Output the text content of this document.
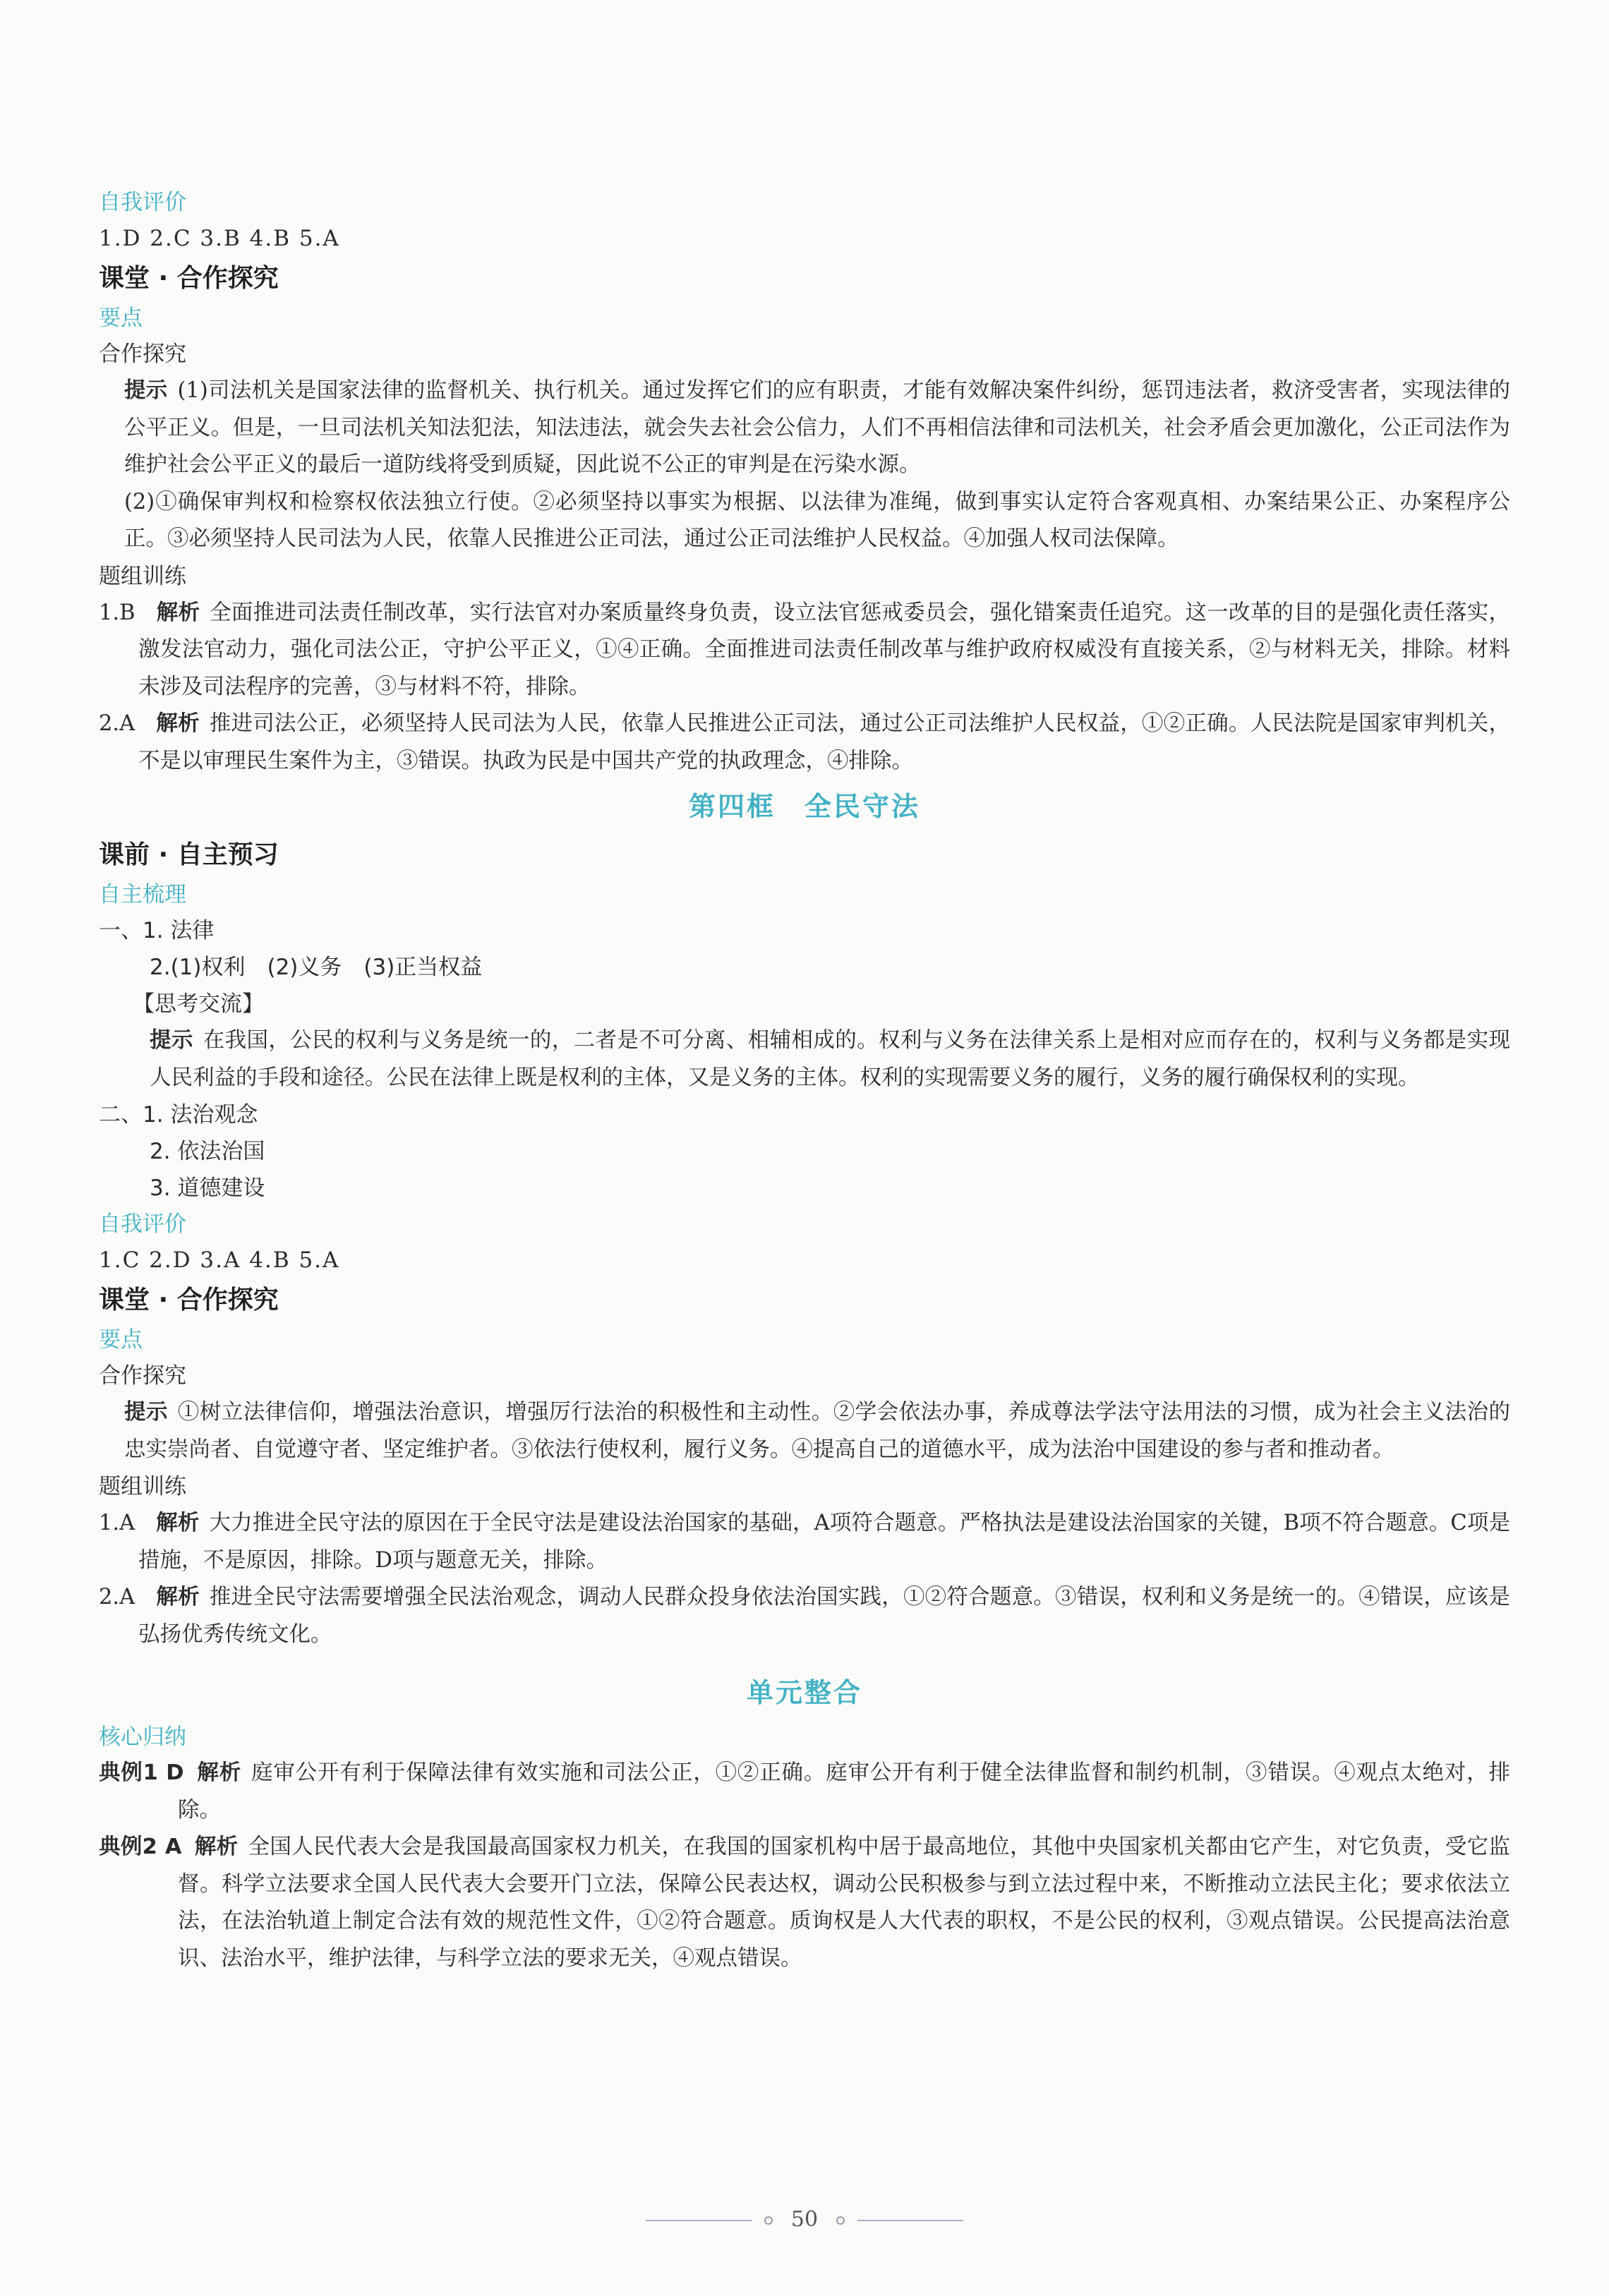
自我评价
1.D 2.C 3.B 4.B 5.A
课堂 · 合作探究
要点
合作探究
提示 (1)司法机关是国家法律的监督机关、执行机关。通过发挥它们的应有职责，才能有效解决案件纠纷，惩罚违法者，救济受害者，实现法律的公平正义。但是，一旦司法机关知法犯法，知法违法，就会失去社会公信力，人们不再相信法律和司法机关，社会矛盾会更加激化，公正司法作为维护社会公平正义的最后一道防线将受到质疑，因此说不公正的审判是在污染水源。
(2)①确保审判权和检察权依法独立行使。②必须坚持以事实为根据、以法律为准绳，做到事实认定符合客观真相、办案结果公正、办案程序公正。③必须坚持人民司法为人民，依靠人民推进公正司法，通过公正司法维护人民权益。④加强人权司法保障。
题组训练
1.B 解析 全面推进司法责任制改革，实行法官对办案质量终身负责，设立法官惩戒委员会，强化错案责任追究。这一改革的目的是强化责任落实，激发法官动力，强化司法公正，守护公平正义，①④正确。全面推进司法责任制改革与维护政府权威没有直接关系，②与材料无关，排除。材料未涉及司法程序的完善，③与材料不符，排除。
2.A 解析 推进司法公正，必须坚持人民司法为人民，依靠人民推进公正司法，通过公正司法维护人民权益，①②正确。人民法院是国家审判机关，不是以审理民生案件为主，③错误。执政为民是中国共产党的执政理念，④排除。
第四框　全民守法
课前 · 自主预习
自主梳理
一、1. 法律
2.(1)权利　(2)义务　(3)正当权益
【思考交流】
提示 在我国，公民的权利与义务是统一的，二者是不可分离、相辅相成的。权利与义务在法律关系上是相对应而存在的，权利与义务都是实现人民利益的手段和途径。公民在法律上既是权利的主体，又是义务的主体。权利的实现需要义务的履行，义务的履行确保权利的实现。
二、1. 法治观念
2. 依法治国
3. 道德建设
自我评价
1.C 2.D 3.A 4.B 5.A
课堂 · 合作探究
要点
合作探究
提示 ①树立法律信仰，增强法治意识，增强厉行法治的积极性和主动性。②学会依法办事，养成尊法学法守法用法的习惯，成为社会主义法治的忠实崇尚者、自觉遵守者、坚定维护者。③依法行使权利，履行义务。④提高自己的道德水平，成为法治中国建设的参与者和推动者。
题组训练
1.A 解析 大力推进全民守法的原因在于全民守法是建设法治国家的基础，A项符合题意。严格执法是建设法治国家的关键，B项不符合题意。C项是措施，不是原因，排除。D项与题意无关，排除。
2.A 解析 推进全民守法需要增强全民法治观念，调动人民群众投身依法治国实践，①②符合题意。③错误，权利和义务是统一的。④错误，应该是弘扬优秀传统文化。
单元整合
核心归纳
典例1 D 解析 庭审公开有利于保障法律有效实施和司法公正，①②正确。庭审公开有利于健全法律监督和制约机制，③错误。④观点太绝对，排除。
典例2 A 解析 全国人民代表大会是我国最高国家权力机关，在我国的国家机构中居于最高地位，其他中央国家机关都由它产生，对它负责，受它监督。科学立法要求全国人民代表大会要开门立法，保障公民表达权，调动公民积极参与到立法过程中来，不断推动立法民主化；要求依法立法，在法治轨道上制定合法有效的规范性文件，①②符合题意。质询权是人大代表的职权，不是公民的权利，③观点错误。公民提高法治意识、法治水平，维护法律，与科学立法的要求无关，④观点错误。
50
